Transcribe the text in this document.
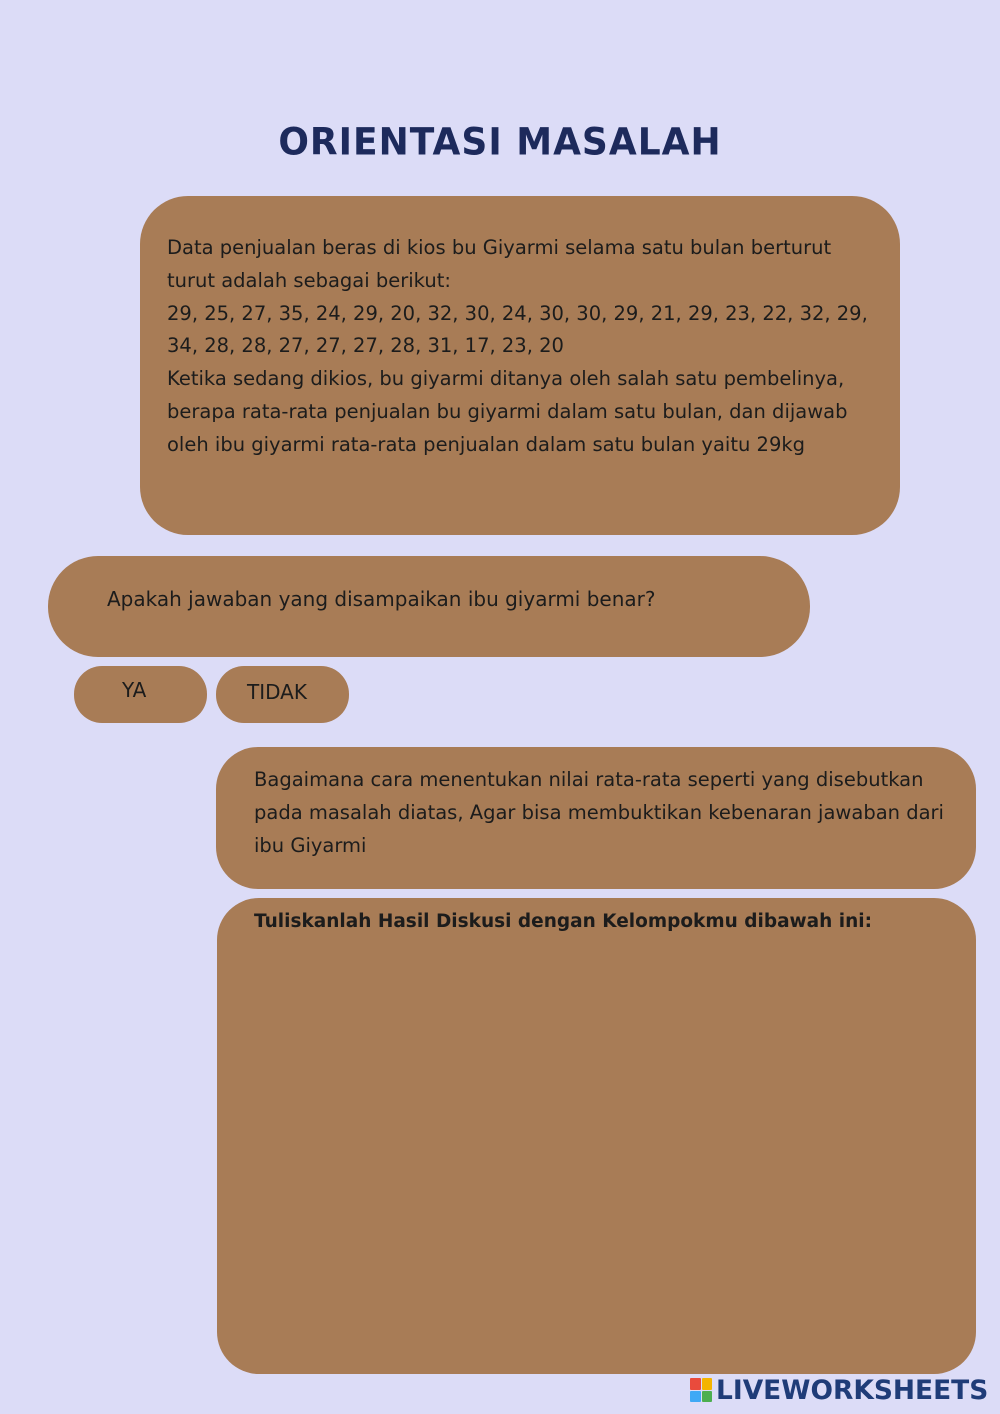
ORIENTASI MASALAH

Data penjualan beras di kios bu Giyarmi selama satu bulan berturut turut adalah sebagai berikut:

29, 25, 27, 35, 24, 29, 20, 32, 30, 24, 30, 30, 29, 21, 29, 23, 22, 32, 29, 34, 28, 28, 27, 27, 27, 28, 31, 17, 23, 20

Ketika sedang dikios, bu giyarmi ditanya oleh salah satu pembelinya, berapa rata-rata penjualan bu giyarmi dalam satu bulan, dan dijawab oleh ibu giyarmi rata-rata penjualan dalam satu bulan yaitu 29kg

Apakah jawaban yang disampaikan ibu giyarmi benar?
YA	TIDAK
Bagaimana cara menentukan nilai rata-rata seperti yang disebutkan pada masalah diatas, Agar bisa membuktikan kebenaran jawaban dari ibu Giyarmi
Tuliskanlah Hasil Diskusi dengan Kelompokmu dibawah ini:
LIVEWORKSHEETS
